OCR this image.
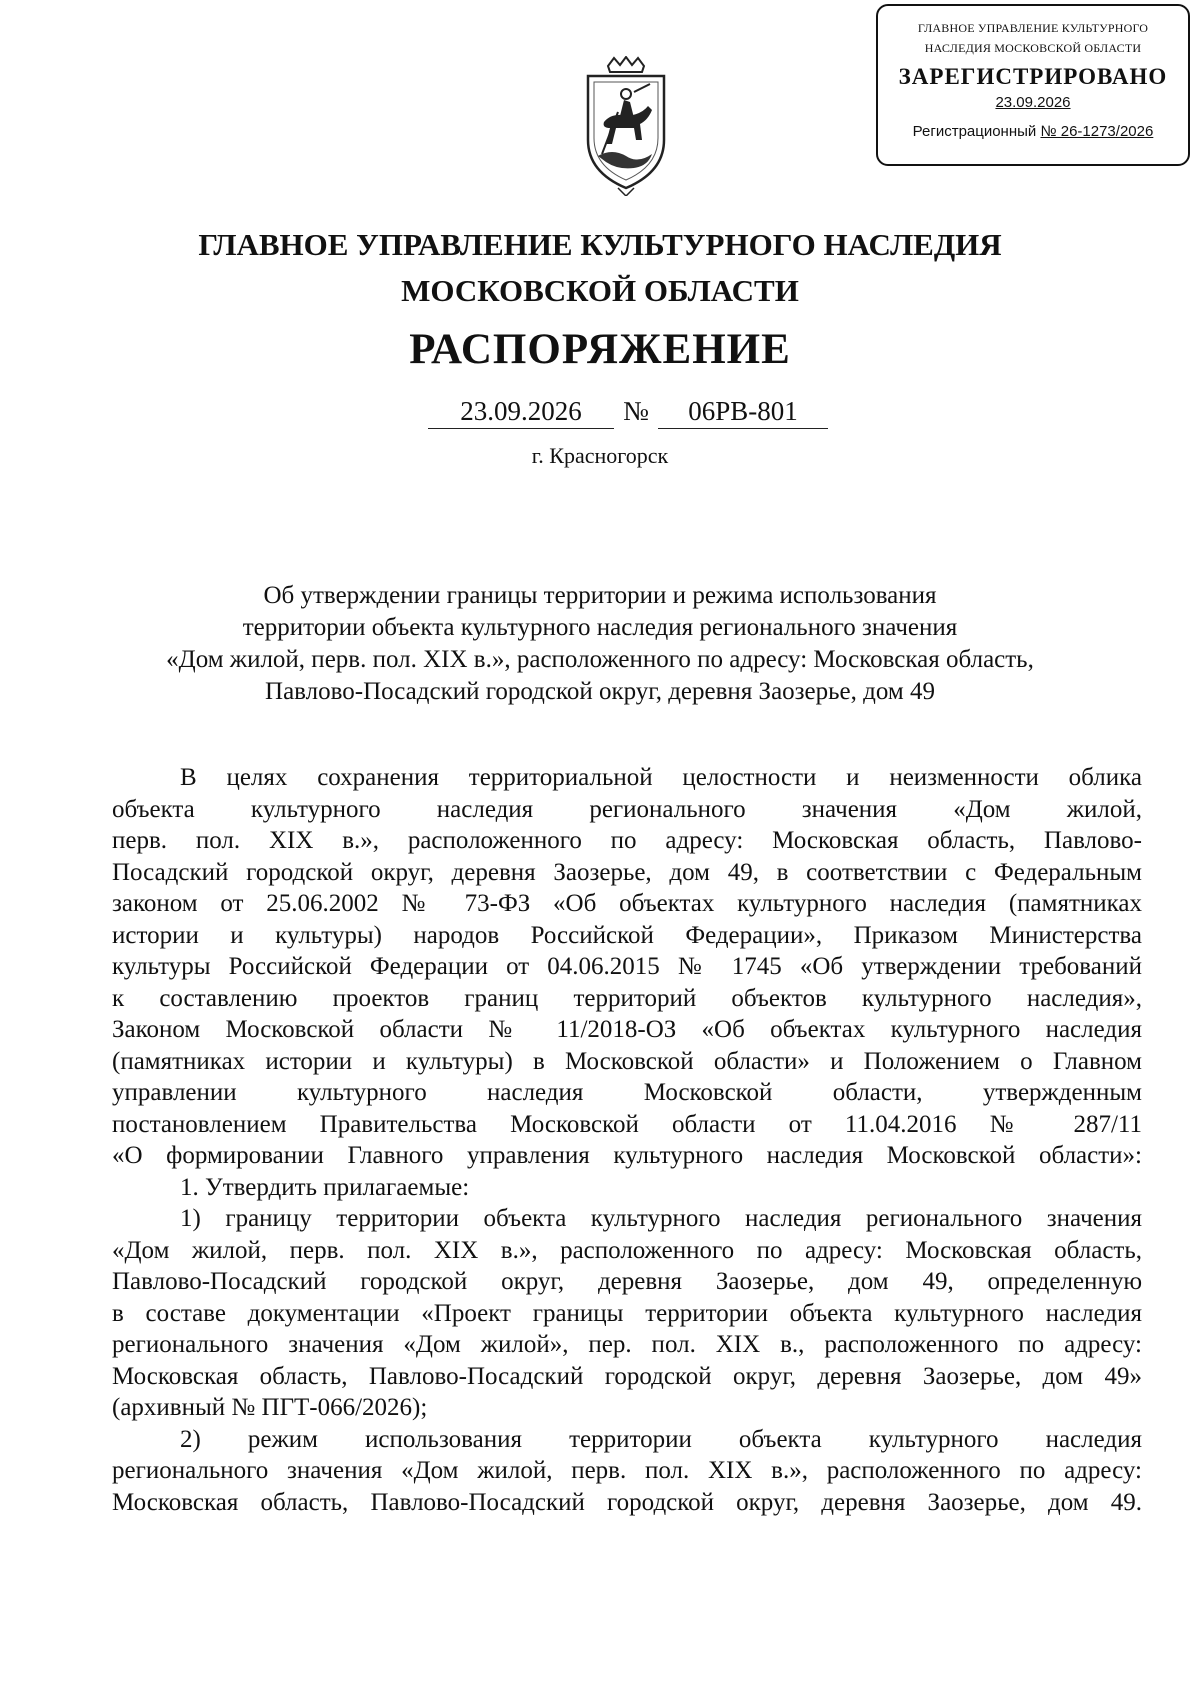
ГЛАВНОЕ УПРАВЛЕНИЕ КУЛЬТУРНОГО
НАСЛЕДИЯ МОСКОВСКОЙ ОБЛАСТИ
ЗАРЕГИСТРИРОВАНО
23.09.2026
Регистрационный № 26-1273/2026
ГЛАВНОЕ УПРАВЛЕНИЕ КУЛЬТУРНОГО НАСЛЕДИЯ
МОСКОВСКОЙ ОБЛАСТИ
РАСПОРЯЖЕНИЕ
23.09.2026	№	06РВ-801
г. Красногорск
Об утверждении границы территории и режима использования
территории объекта культурного наследия регионального значения
«Дом жилой, перв. пол. XIX в.», расположенного по адресу: Московская область,
Павлово-Посадский городской округ, деревня Заозерье, дом 49
В целях сохранения территориальной целостности и неизменности облика
объекта культурного наследия регионального значения «Дом жилой,
перв. пол. XIX в.», расположенного по адресу: Московская область, Павлово-
Посадский городской округ, деревня Заозерье, дом 49, в соответствии с Федеральным
законом от 25.06.2002 № 73-ФЗ «Об объектах культурного наследия (памятниках
истории и культуры) народов Российской Федерации», Приказом Министерства
культуры Российской Федерации от 04.06.2015 № 1745 «Об утверждении требований
к составлению проектов границ территорий объектов культурного наследия»,
Законом Московской области № 11/2018-ОЗ «Об объектах культурного наследия
(памятниках истории и культуры) в Московской области» и Положением о Главном
управлении культурного наследия Московской области, утвержденным
постановлением Правительства Московской области от 11.04.2016 № 287/11
«О формировании Главного управления культурного наследия Московской области»:
1. Утвердить прилагаемые:
1) границу территории объекта культурного наследия регионального значения
«Дом жилой, перв. пол. XIX в.», расположенного по адресу: Московская область,
Павлово-Посадский городской округ, деревня Заозерье, дом 49, определенную
в составе документации «Проект границы территории объекта культурного наследия
регионального значения «Дом жилой», пер. пол. XIX в., расположенного по адресу:
Московская область, Павлово-Посадский городской округ, деревня Заозерье, дом 49»
(архивный № ПГТ-066/2026);
2) режим использования территории объекта культурного наследия
регионального значения «Дом жилой, перв. пол. XIX в.», расположенного по адресу:
Московская область, Павлово-Посадский городской округ, деревня Заозерье, дом 49.
